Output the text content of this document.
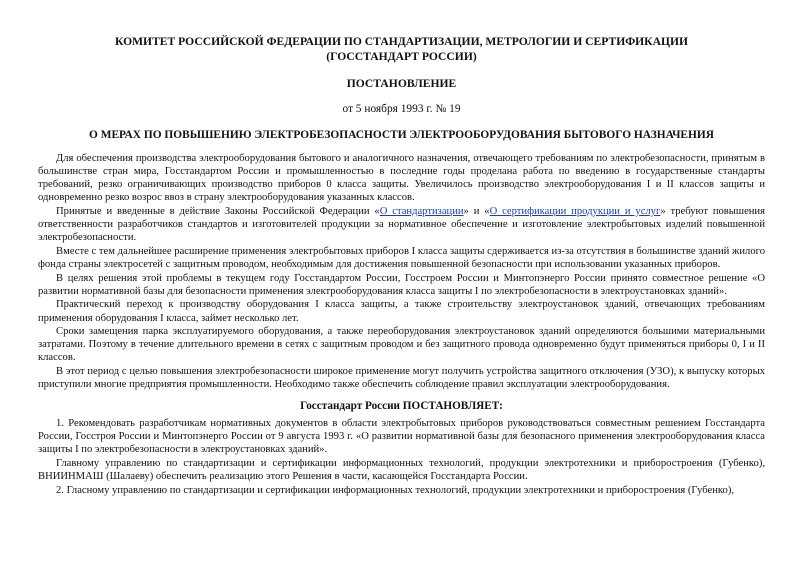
КОМИТЕТ РОССИЙСКОЙ ФЕДЕРАЦИИ ПО СТАНДАРТИЗАЦИИ, МЕТРОЛОГИИ И СЕРТИФИКАЦИИ

(ГОССТАНДАРТ РОССИИ)

ПОСТАНОВЛЕНИЕ

от 5 ноября 1993 г. № 19

О МЕРАХ ПО ПОВЫШЕНИЮ ЭЛЕКТРОБЕЗОПАСНОСТИ ЭЛЕКТРООБОРУДОВАНИЯ БЫТОВОГО НАЗНАЧЕНИЯ

Для обеспечения производства электрооборудования бытового и аналогичного назначения, отвечающего требованиям по электробезопасности, принятым в большинстве стран мира, Госстандартом России и промышленностью в последние годы проделана работа по введению в государственные стандарты требований, резко ограничивающих производство приборов 0 класса защиты. Увеличилось производство электрооборудования I и II классов защиты и одновременно резко возрос ввоз в страну электрооборудования указанных классов.

Принятые и введенные в действие Законы Российской Федерации «О стандартизации» и «О сертификации продукции и услуг» требуют повышения ответственности разработчиков стандартов и изготовителей продукции за нормативное обеспечение и изготовление электробытовых изделий повышенной электробезопасности.

Вместе с тем дальнейшее расширение применения электробытовых приборов I класса защиты сдерживается из-за отсутствия в большинстве зданий жилого фонда страны электросетей с защитным проводом, необходимым для достижения повышенной безопасности при использовании указанных приборов.

В целях решения этой проблемы в текущем году Госстандартом России, Госстроем России и Минтопэнерго России принято совместное решение «О развитии нормативной базы для безопасности применения электрооборудования класса защиты I по электробезопасности в электроустановках зданий».

Практический переход к производству оборудования I класса защиты, а также строительству электроустановок зданий, отвечающих требованиям применения оборудования I класса, займет несколько лет.

Сроки замещения парка эксплуатируемого оборудования, а также переоборудования электроустановок зданий определяются большими материальными затратами. Поэтому в течение длительного времени в сетях с защитным проводом и без защитного провода одновременно будут применяться приборы 0, I и II классов.

В этот период с целью повышения электробезопасности широкое применение могут получить устройства защитного отключения (УЗО), к выпуску которых приступили многие предприятия промышленности. Необходимо также обеспечить соблюдение правил эксплуатации электрооборудования.

Госстандарт России ПОСТАНОВЛЯЕТ:

1. Рекомендовать разработчикам нормативных документов в области электробытовых приборов руководствоваться совместным решением Госстандарта России, Госстроя России и Минтопэнерго России от 9 августа 1993 г. «О развитии нормативной базы для безопасного применения электрооборудования класса защиты I по электробезопасности в электроустановках зданий».

Главному управлению по стандартизации и сертификации информационных технологий, продукции электротехники и приборостроения (Губенко), ВНИИНМАШ (Шалаеву) обеспечить реализацию этого Решения в части, касающейся Госстандарта России.

2. Гласному управлению по стандартизации и сертификации информационных технологий, продукции электротехники и приборостроения (Губенко),
